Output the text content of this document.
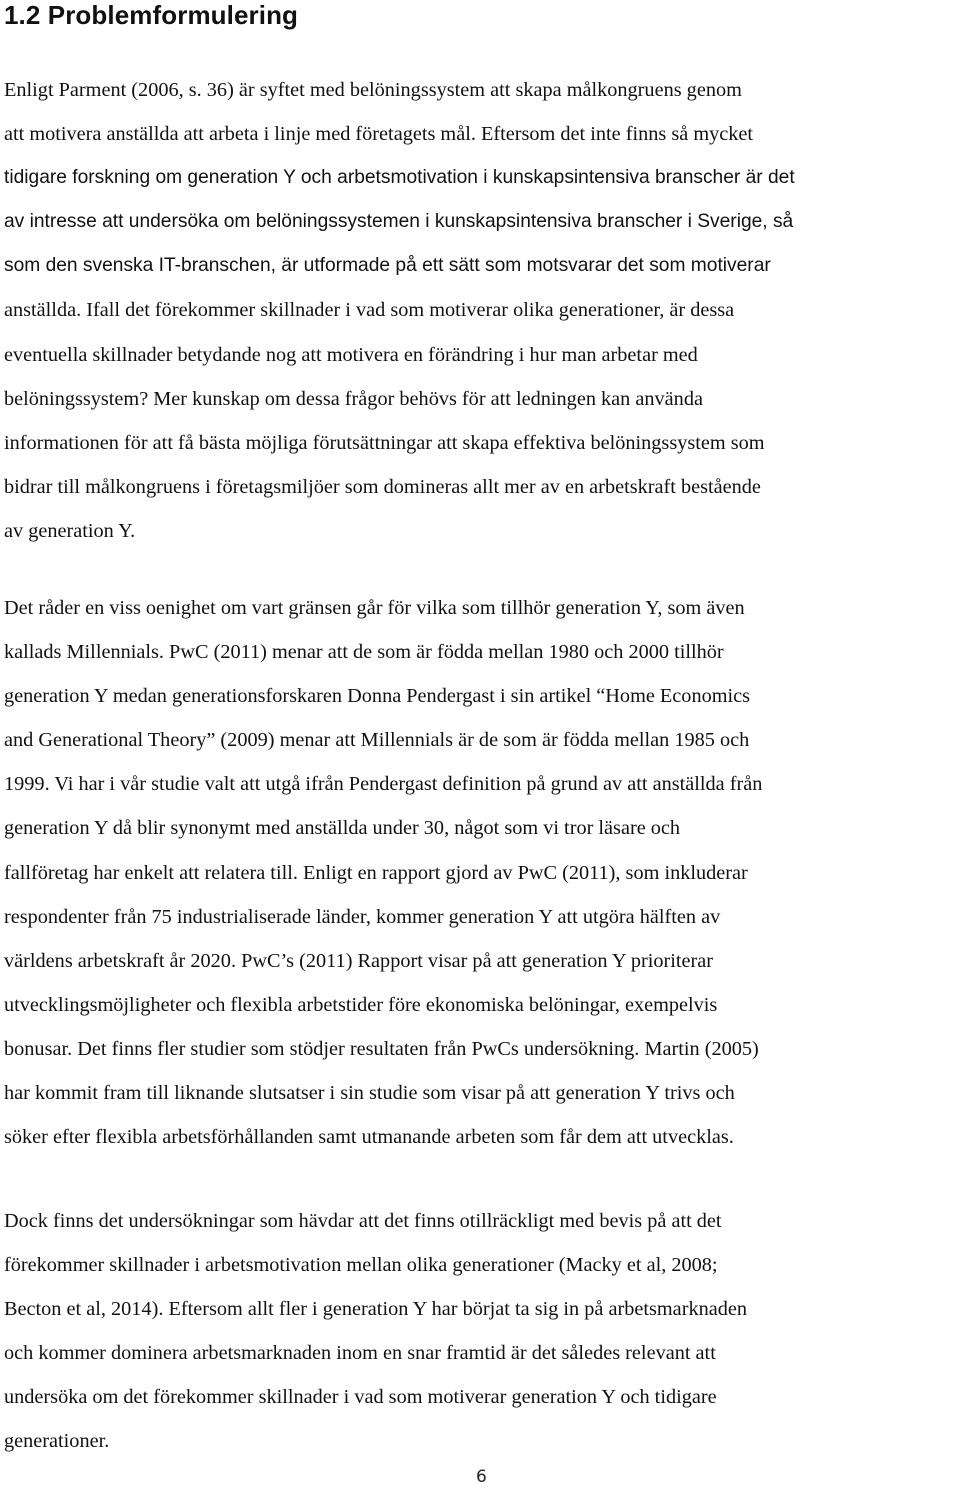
1.2 Problemformulering
Enligt Parment (2006, s. 36) är syftet med belöningssystem att skapa målkongruens genom
att motivera anställda att arbeta i linje med företagets mål. Eftersom det inte finns så mycket
tidigare forskning om generation Y och arbetsmotivation i kunskapsintensiva branscher är det
av intresse att undersöka om belöningssystemen i kunskapsintensiva branscher i Sverige, så
som den svenska IT-branschen, är utformade på ett sätt som motsvarar det som motiverar
anställda. Ifall det förekommer skillnader i vad som motiverar olika generationer, är dessa
eventuella skillnader betydande nog att motivera en förändring i hur man arbetar med
belöningssystem? Mer kunskap om dessa frågor behövs för att ledningen kan använda
informationen för att få bästa möjliga förutsättningar att skapa effektiva belöningssystem som
bidrar till målkongruens i företagsmiljöer som domineras allt mer av en arbetskraft bestående
av generation Y.
Det råder en viss oenighet om vart gränsen går för vilka som tillhör generation Y, som även
kallads Millennials. PwC (2011) menar att de som är födda mellan 1980 och 2000 tillhör
generation Y medan generationsforskaren Donna Pendergast i sin artikel “Home Economics
and Generational Theory” (2009) menar att Millennials är de som är födda mellan 1985 och
1999. Vi har i vår studie valt att utgå ifrån Pendergast definition på grund av att anställda från
generation Y då blir synonymt med anställda under 30, något som vi tror läsare och
fallföretag har enkelt att relatera till. Enligt en rapport gjord av PwC (2011), som inkluderar
respondenter från 75 industrialiserade länder, kommer generation Y att utgöra hälften av
världens arbetskraft år 2020. PwC’s (2011) Rapport visar på att generation Y prioriterar
utvecklingsmöjligheter och flexibla arbetstider före ekonomiska belöningar, exempelvis
bonusar. Det finns fler studier som stödjer resultaten från PwCs undersökning. Martin (2005)
har kommit fram till liknande slutsatser i sin studie som visar på att generation Y trivs och
söker efter flexibla arbetsförhållanden samt utmanande arbeten som får dem att utvecklas.
Dock finns det undersökningar som hävdar att det finns otillräckligt med bevis på att det
förekommer skillnader i arbetsmotivation mellan olika generationer (Macky et al, 2008;
Becton et al, 2014). Eftersom allt fler i generation Y har börjat ta sig in på arbetsmarknaden
och kommer dominera arbetsmarknaden inom en snar framtid är det således relevant att
undersöka om det förekommer skillnader i vad som motiverar generation Y och tidigare
generationer.
6
